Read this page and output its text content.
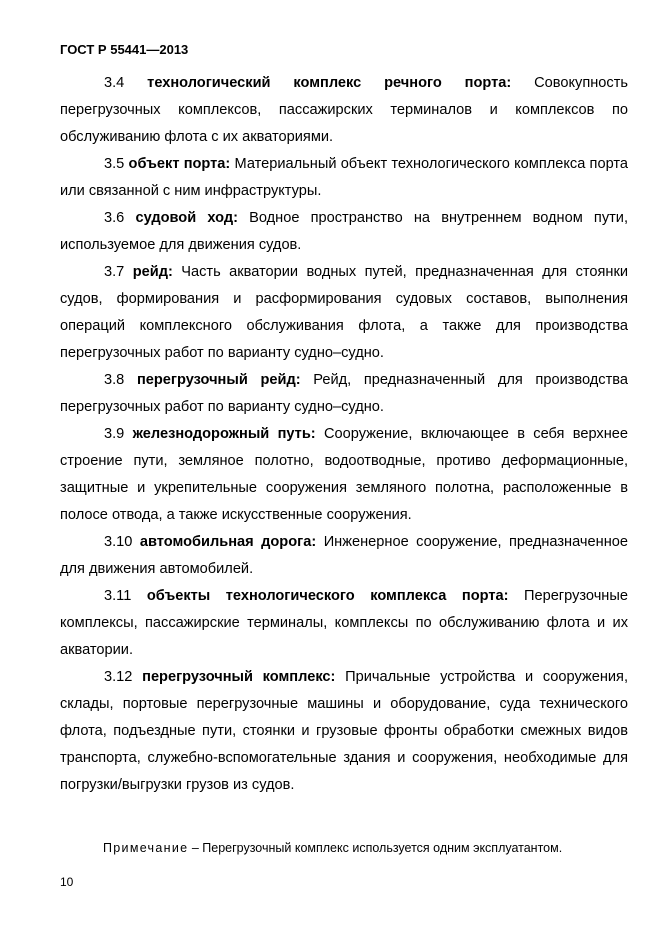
ГОСТ Р 55441—2013

3.4 технологический комплекс речного порта: Совокупность перегрузочных комплексов, пассажирских терминалов и комплексов по обслуживанию флота с их акваториями.

3.5 объект порта: Материальный объект технологического комплекса порта или связанной с ним инфраструктуры.

3.6 судовой ход: Водное пространство на внутреннем водном пути, используемое для движения судов.

3.7 рейд: Часть акватории водных путей, предназначенная для стоянки судов, формирования и расформирования судовых составов, выполнения операций комплексного обслуживания флота, а также для производства перегрузочных работ по варианту судно–судно.

3.8 перегрузочный рейд: Рейд, предназначенный для производства перегрузочных работ по варианту судно–судно.

3.9 железнодорожный путь: Сооружение, включающее в себя верхнее строение пути, земляное полотно, водоотводные, противо деформационные, защитные и укрепительные сооружения земляного полотна, расположенные в полосе отвода, а также искусственные сооружения.

3.10 автомобильная дорога: Инженерное сооружение, предназначенное для движения автомобилей.

3.11 объекты технологического комплекса порта: Перегрузочные комплексы, пассажирские терминалы, комплексы по обслуживанию флота и их акватории.

3.12 перегрузочный комплекс: Причальные устройства и сооружения, склады, портовые перегрузочные машины и оборудование, суда технического флота, подъездные пути, стоянки и грузовые фронты обработки смежных видов транспорта, служебно-вспомогательные здания и сооружения, необходимые для погрузки/выгрузки грузов из судов.

Примечание – Перегрузочный комплекс используется одним эксплуатантом.
10
